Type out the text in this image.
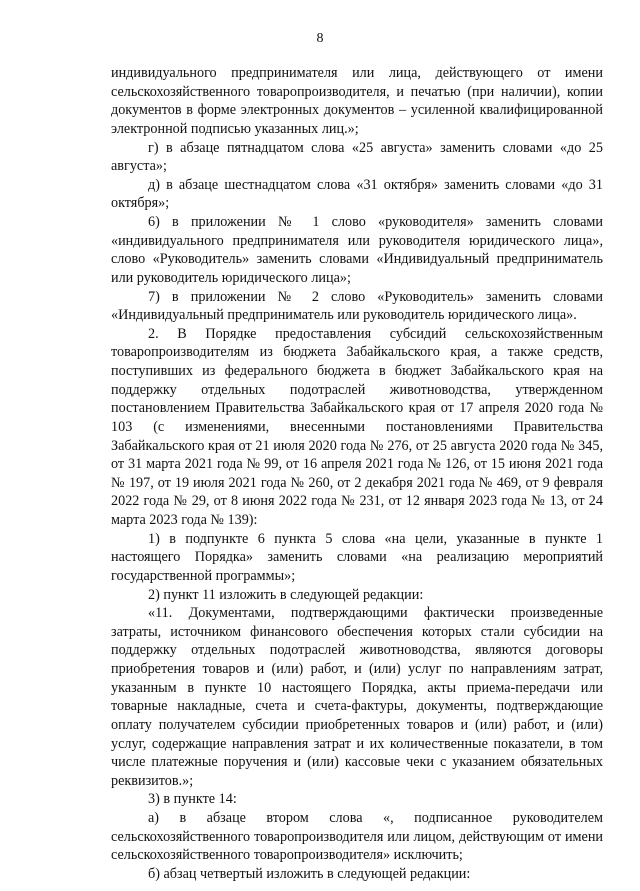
8

индивидуального предпринимателя или лица, действующего от имени сельскохозяйственного товаропроизводителя, и печатью (при наличии), копии документов в форме электронных документов – усиленной квалифицированной электронной подписью указанных лиц.»;

г) в абзаце пятнадцатом слова «25 августа» заменить словами «до 25 августа»;

д) в абзаце шестнадцатом слова «31 октября» заменить словами «до 31 октября»;

6) в приложении № 1 слово «руководителя» заменить словами «индивидуального предпринимателя или руководителя юридического лица», слово «Руководитель» заменить словами «Индивидуальный предприниматель или руководитель юридического лица»;

7) в приложении № 2 слово «Руководитель» заменить словами «Индивидуальный предприниматель или руководитель юридического лица».

2. В Порядке предоставления субсидий сельскохозяйственным товаропроизводителям из бюджета Забайкальского края, а также средств, поступивших из федерального бюджета в бюджет Забайкальского края на поддержку отдельных подотраслей животноводства, утвержденном постановлением Правительства Забайкальского края от 17 апреля 2020 года № 103 (с изменениями, внесенными постановлениями Правительства Забайкальского края от 21 июля 2020 года № 276, от 25 августа 2020 года № 345, от 31 марта 2021 года № 99, от 16 апреля 2021 года № 126, от 15 июня 2021 года № 197, от 19 июля 2021 года № 260, от 2 декабря 2021 года № 469, от 9 февраля 2022 года № 29, от 8 июня 2022 года № 231, от 12 января 2023 года № 13, от 24 марта 2023 года № 139):

1) в подпункте 6 пункта 5 слова «на цели, указанные в пункте 1 настоящего Порядка» заменить словами «на реализацию мероприятий государственной программы»;

2) пункт 11 изложить в следующей редакции:

«11. Документами, подтверждающими фактически произведенные затраты, источником финансового обеспечения которых стали субсидии на поддержку отдельных подотраслей животноводства, являются договоры приобретения товаров и (или) работ, и (или) услуг по направлениям затрат, указанным в пункте 10 настоящего Порядка, акты приема-передачи или товарные накладные, счета и счета-фактуры, документы, подтверждающие оплату получателем субсидии приобретенных товаров и (или) работ, и (или) услуг, содержащие направления затрат и их количественные показатели, в том числе платежные поручения и (или) кассовые чеки с указанием обязательных реквизитов.»;

3) в пункте 14:

а) в абзаце втором слова «, подписанное руководителем сельскохозяйственного товаропроизводителя или лицом, действующим от имени сельскохозяйственного товаропроизводителя» исключить;

б) абзац четвертый изложить в следующей редакции:
